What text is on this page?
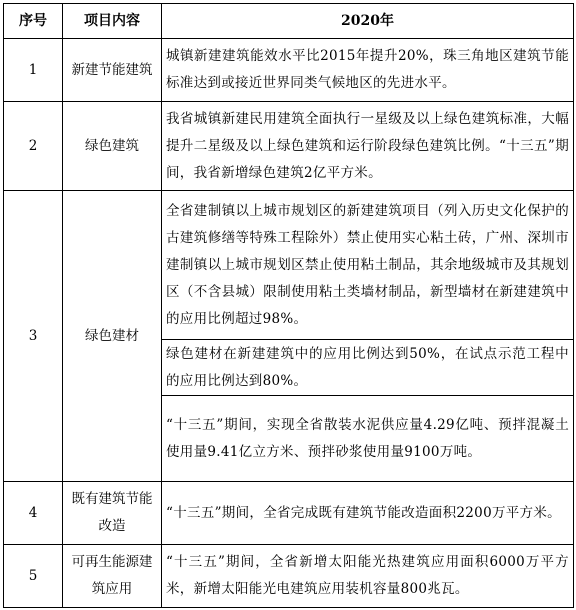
序号	项目内容	2020年
1	新建节能建筑	城镇新建建筑能效水平比2015年提升20%，珠三角地区建筑节能标准达到或接近世界同类气候地区的先进水平。
2	绿色建筑	我省城镇新建民用建筑全面执行一星级及以上绿色建筑标准，大幅提升二星级及以上绿色建筑和运行阶段绿色建筑比例。“十三五”期间，我省新增绿色建筑2亿平方米。
3	绿色建材	全省建制镇以上城市规划区的新建建筑项目（列入历史文化保护的古建筑修缮等特殊工程除外）禁止使用实心粘土砖，广州、深圳市建制镇以上城市规划区禁止使用粘土制品，其余地级城市及其规划区（不含县城）限制使用粘土类墙材制品，新型墙材在新建建筑中的应用比例超过98%。
		绿色建材在新建建筑中的应用比例达到50%，在试点示范工程中的应用比例达到80%。
		“十三五”期间，实现全省散装水泥供应量4.29亿吨、预拌混凝土使用量9.41亿立方米、预拌砂浆使用量9100万吨。
4	既有建筑节能改造	“十三五”期间，全省完成既有建筑节能改造面积2200万平方米。
5	可再生能源建筑应用	“十三五”期间，全省新增太阳能光热建筑应用面积6000万平方米，新增太阳能光电建筑应用装机容量800兆瓦。
